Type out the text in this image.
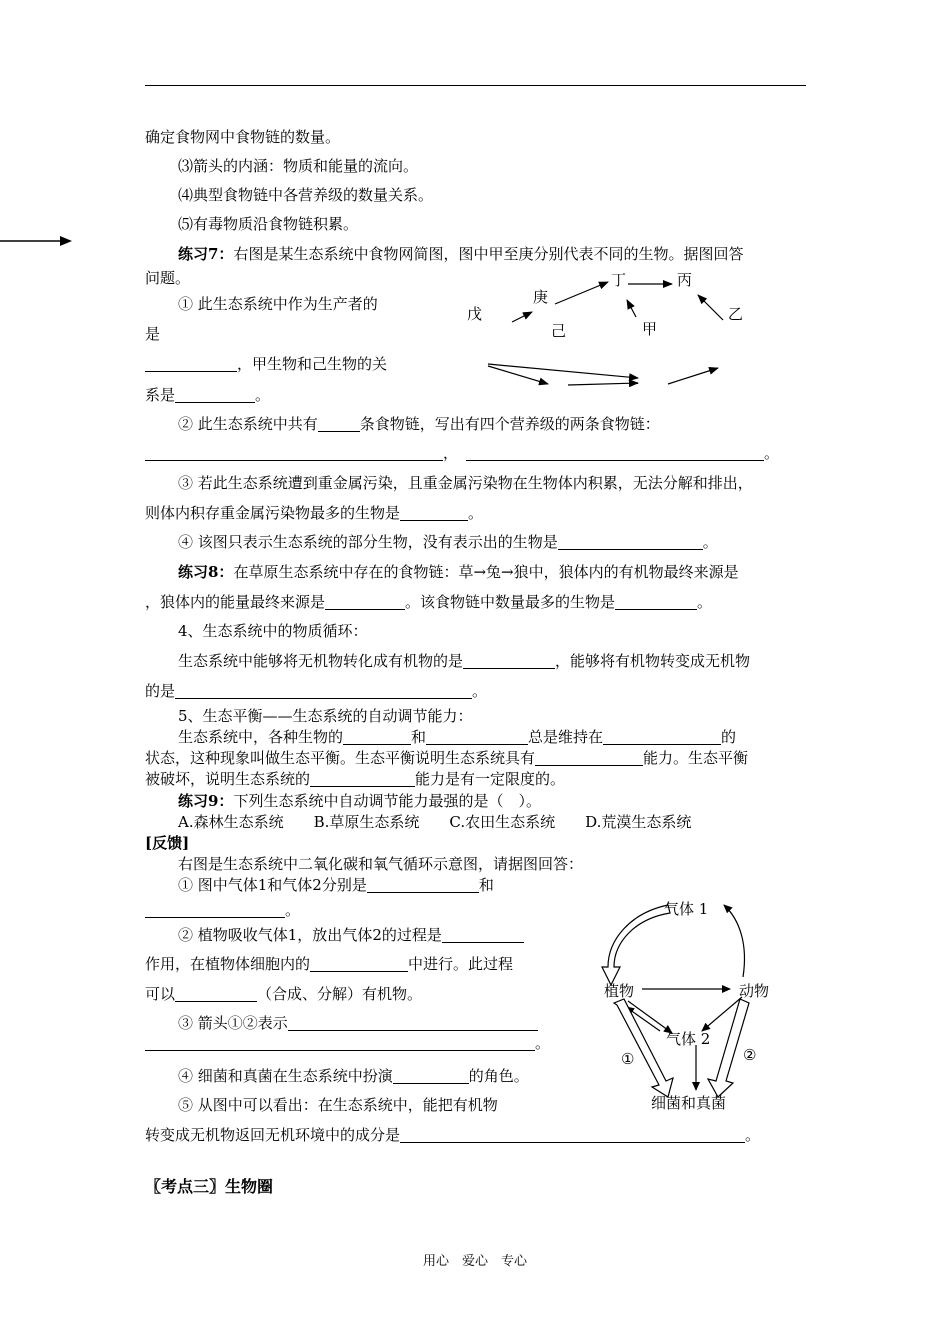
确定食物网中食物链的数量。
⑶箭头的内涵：物质和能量的流向。
⑷典型食物链中各营养级的数量关系。
⑸有毒物质沿食物链积累。
练习7：右图是某生态系统中食物网简图，图中甲至庚分别代表不同的生物。据图回答
问题。
① 此生态系统中作为生产者的
是
，甲生物和己生物的关
系是	。
戊
庚
己
丁	丙
甲
乙
② 此生态系统中共有	条食物链，写出有四个营养级的两条食物链：
，	。
③ 若此生态系统遭到重金属污染，且重金属污染物在生物体内积累，无法分解和排出，
则体内积存重金属污染物最多的生物是	。
④ 该图只表示生态系统的部分生物，没有表示出的生物是	。
练习8：在草原生态系统中存在的食物链：草→兔→狼中，狼体内的有机物最终来源是
，狼体内的能量最终来源是	。该食物链中数量最多的生物是	。
4、生态系统中的物质循环：
生态系统中能够将无机物转化成有机物的是	，能够将有机物转变成无机物
的是	。
5、生态平衡——生态系统的自动调节能力：
生态系统中，各种生物的	和	总是维持在	的
状态，这种现象叫做生态平衡。生态平衡说明生态系统具有	能力。生态平衡
被破坏，说明生态系统的	能力是有一定限度的。
练习9：下列生态系统中自动调节能力最强的是（　）。
A.森林生态系统　　B.草原生态系统　　C.农田生态系统　　D.荒漠生态系统
[反馈]
右图是生态系统中二氧化碳和氧气循环示意图，请据图回答：
① 图中气体1和气体2分别是	和
。
② 植物吸收气体1，放出气体2的过程是
作用，在植物体细胞内的	中进行。此过程
可以	（合成、分解）有机物。
③ 箭头①②表示
。
④ 细菌和真菌在生态系统中扮演	的角色。
⑤ 从图中可以看出：在生态系统中，能把有机物
转变成无机物返回无机环境中的成分是	。
气体 1
植物	动物
气体 2
①	②
细菌和真菌
〖考点三〗生物圈
用心　爱心　专心
